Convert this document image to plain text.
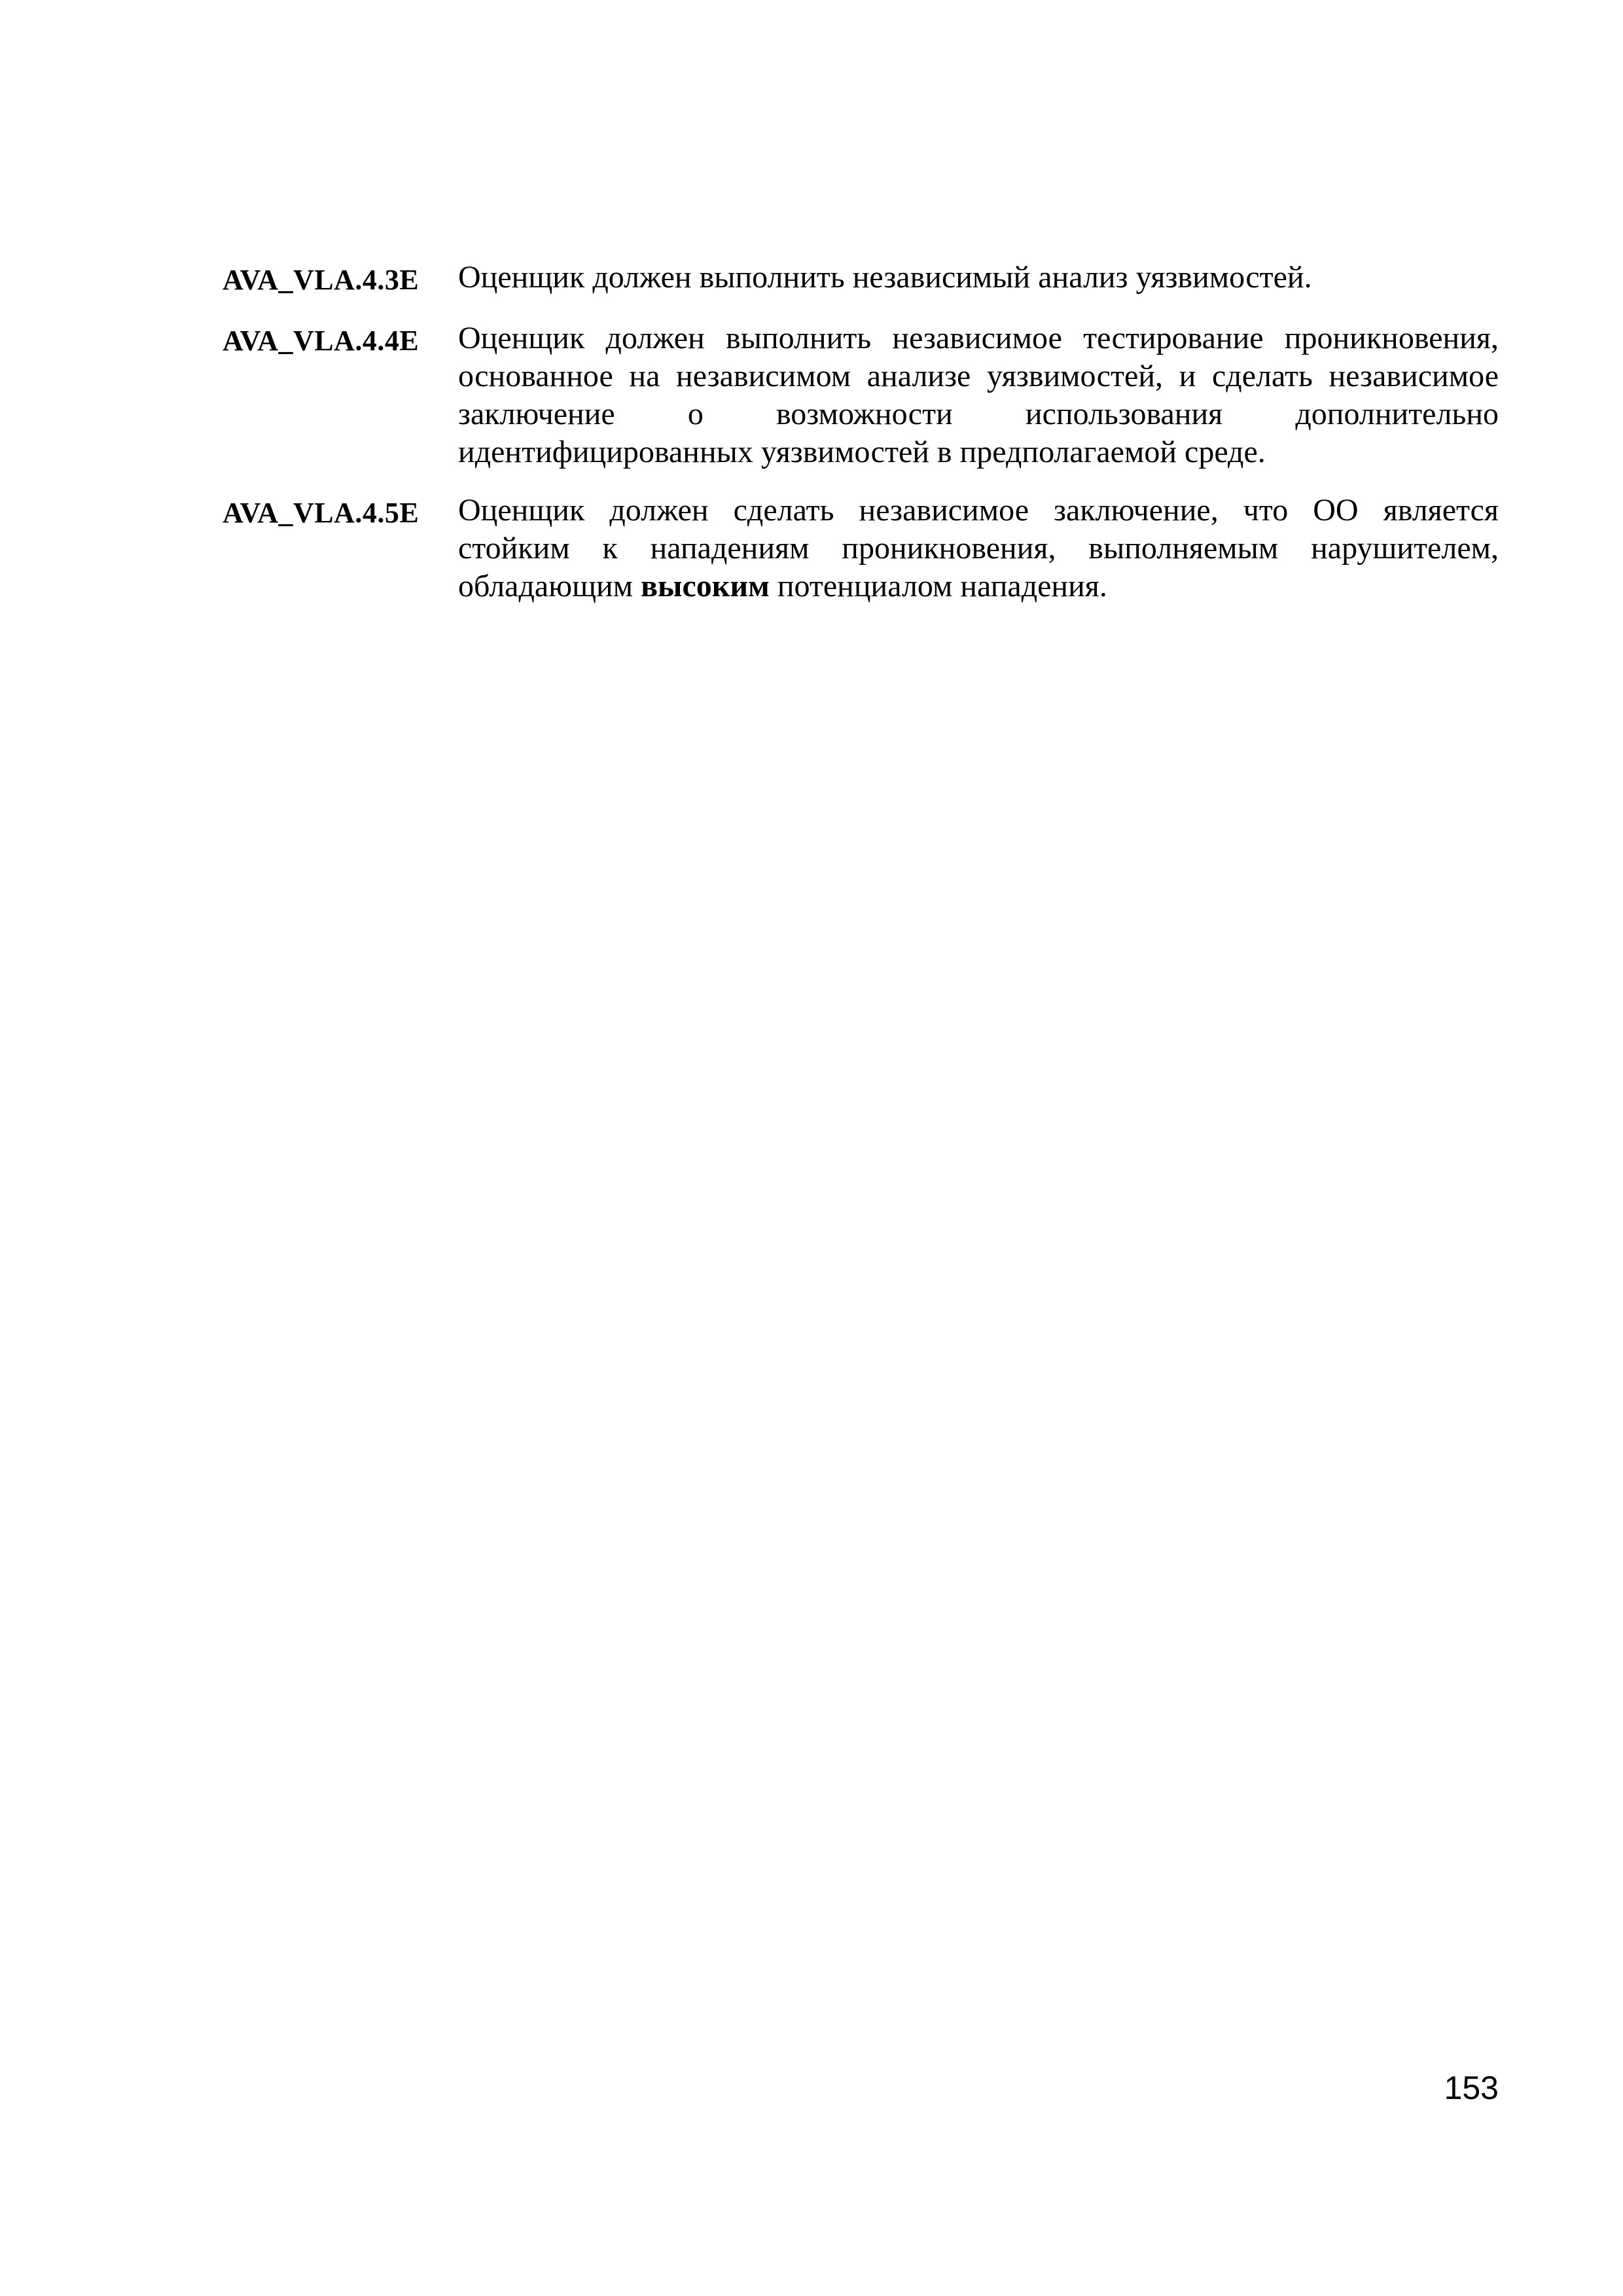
AVA_VLA.4.3E	Оценщик должен выполнить независимый анализ уязвимостей.
AVA_VLA.4.4E	Оценщик должен выполнить независимое тестирование проникновения, основанное на независимом анализе уязвимостей, и сделать независимое заключение о возможности использования дополнительно идентифицированных уязвимостей в предполагаемой среде.
AVA_VLA.4.5E	Оценщик должен сделать независимое заключение, что ОО является стойким к нападениям проникновения, выполняемым нарушителем, обладающим высоким потенциалом нападения.
153
